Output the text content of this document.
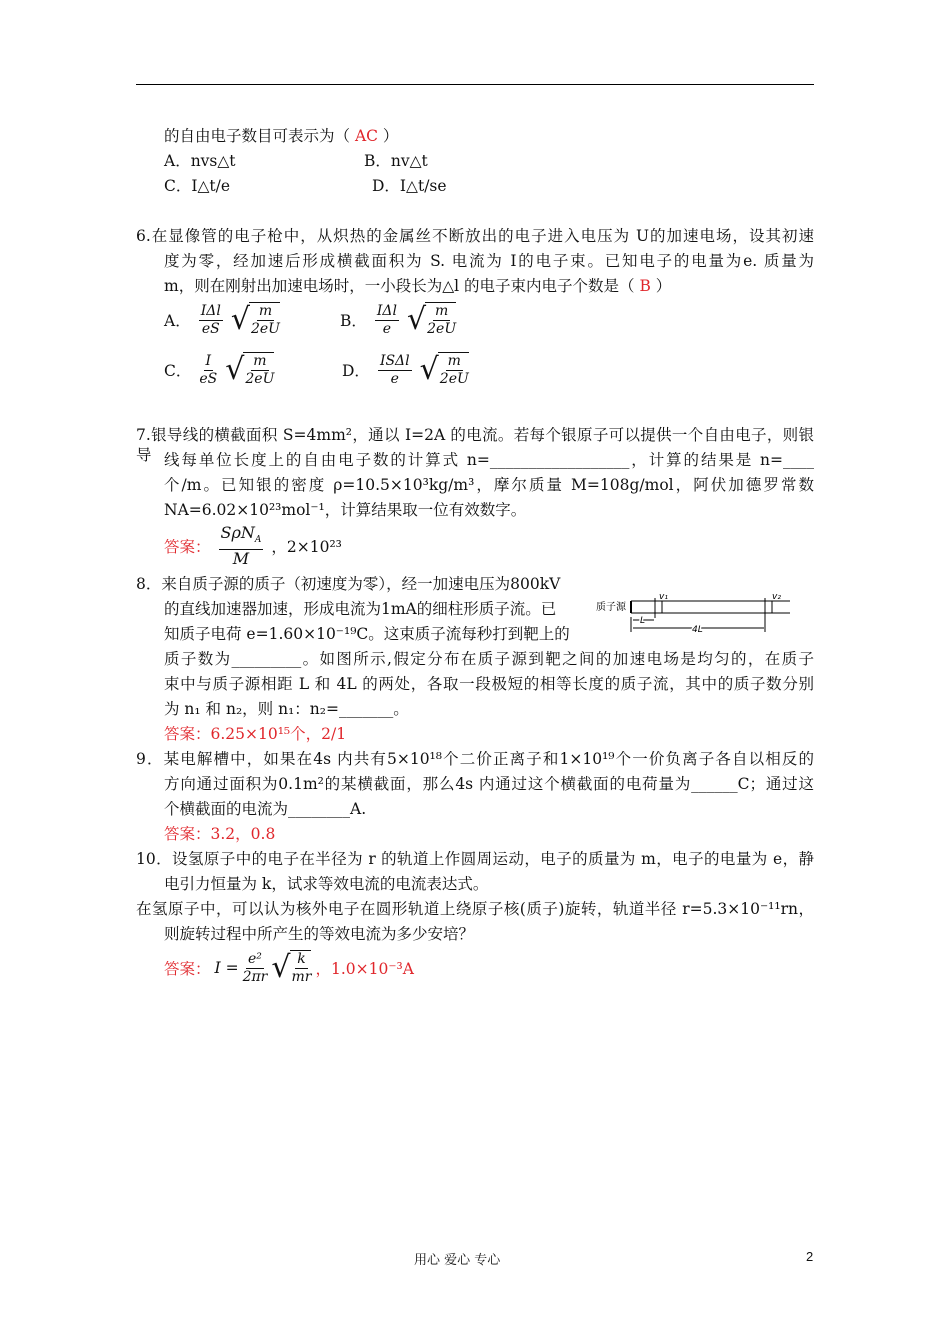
的自由电子数目可表示为（ AC ）
A．nvs△t	B．nv△t
C．I△t/e	D．I△t/se
6.在显像管的电子枪中，从炽热的金属丝不断放出的电子进入电压为 U的加速电场，设其初速
度为零，经加速后形成横截面积为 S. 电流为 I的电子束。已知电子的电量为e. 质量为
m，则在刚射出加速电场时，一小段长为△l 的电子束内电子个数是（ B ）
A． $\frac{\text{IΔl}}{eS}$ √ $\frac{m}{2eU}$	B． $\frac{\text{IΔl}}{e}$ √ $\frac{m}{2eU}$
C． $\frac{I}{eS}$ √ $\frac{m}{2eU}$	D． $\frac{\text{ISΔl}}{e}$ √ $\frac{m}{2eU}$
7.银导线的横截面积 S=4mm²，通以 I=2A 的电流。若每个银原子可以提供一个自由电子，则银导 线每单位长度上的自由电子数的计算式 n=__________________，计算的结果是 n=____
个/m。已知银的密度 ρ=10.5×10³kg/m³，摩尔质量 M=108g/mol，阿伏加德罗常数
NA=6.02×10²³mol⁻¹，计算结果取一位有效数字。
答案： $\frac{S\rho N_A}{M}$ ，2×10²³
8．来自质子源的质子（初速度为零），经一加速电压为800kV
的直线加速器加速，形成电流为1mA的细柱形质子流。已
知质子电荷 e=1.60×10⁻¹⁹C。这束质子流每秒打到靶上的
质子数为_________。如图所示,假定分布在质子源到靶之间的加速电场是均匀的，在质子
束中与质子源相距 L 和 4L 的两处，各取一段极短的相等长度的质子流，其中的质子数分别
为 n₁ 和 n₂，则 n₁：n₂=_______。
答案：6.25×10¹⁵个，2/1
质子源
v₁	v₂
L
4L
9．某电解槽中，如果在4s 内共有5×10¹⁸个二价正离子和1×10¹⁹个一价负离子各自以相反的
方向通过面积为0.1m²的某横截面，那么4s 内通过这个横截面的电荷量为______C；通过这
个横截面的电流为________A.
答案：3.2，0.8
10．设氢原子中的电子在半径为 r 的轨道上作圆周运动，电子的质量为 m，电子的电量为 e，静
电引力恒量为 k，试求等效电流的电流表达式。
在氢原子中，可以认为核外电子在圆形轨道上绕原子核(质子)旋转，轨道半径 r=5.3×10⁻¹¹rn，
则旋转过程中所产生的等效电流为多少安培？
答案： $I = \frac{\text{e²}}{2\pi r}$ √ $\frac{k}{mr}$ ，1.0×10⁻³A
用心 爱心 专心	2
